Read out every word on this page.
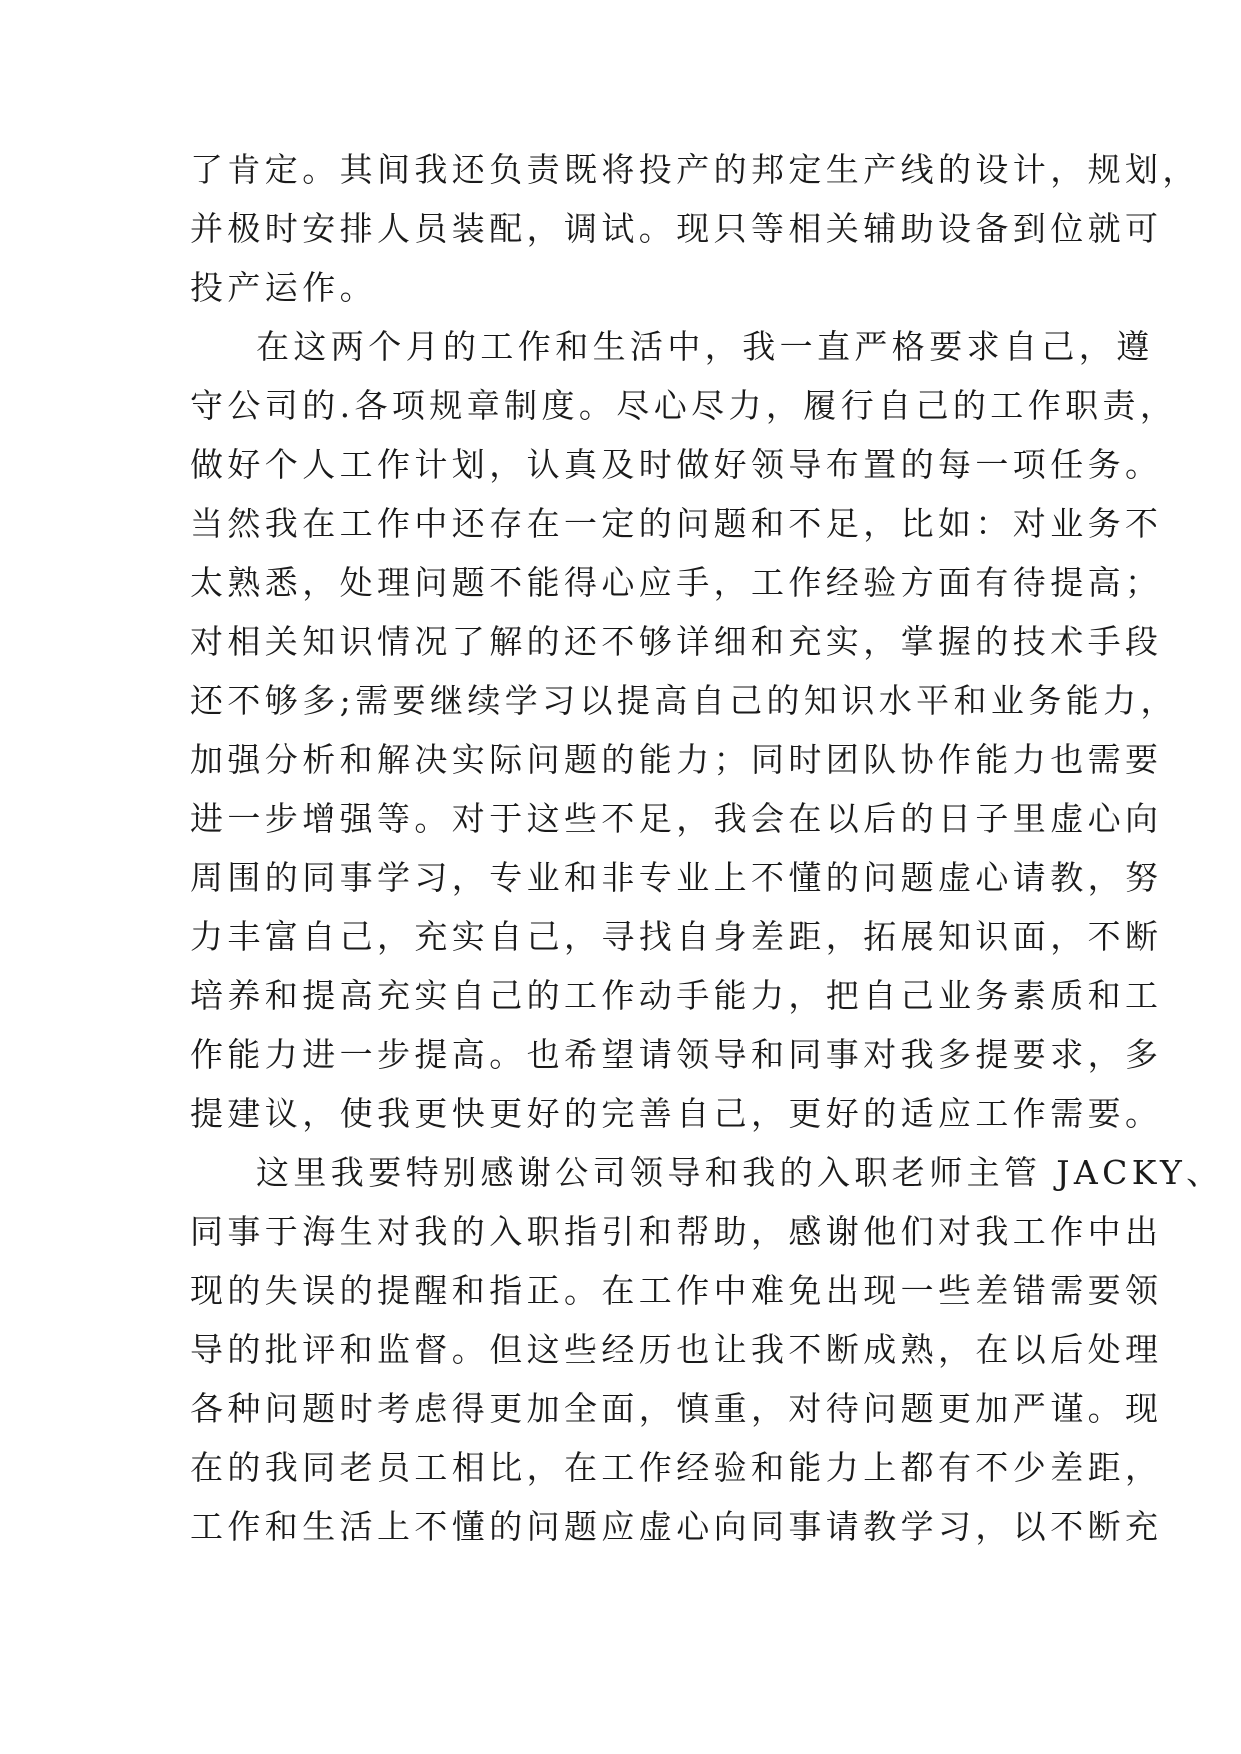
了肯定。其间我还负责既将投产的邦定生产线的设计，规划，
并极时安排人员装配，调试。现只等相关辅助设备到位就可
投产运作。
在这两个月的工作和生活中，我一直严格要求自己，遵
守公司的.各项规章制度。尽心尽力，履行自己的工作职责，
做好个人工作计划，认真及时做好领导布置的每一项任务。
当然我在工作中还存在一定的问题和不足，比如：对业务不
太熟悉，处理问题不能得心应手，工作经验方面有待提高；
对相关知识情况了解的还不够详细和充实，掌握的技术手段
还不够多;需要继续学习以提高自己的知识水平和业务能力，
加强分析和解决实际问题的能力；同时团队协作能力也需要
进一步增强等。对于这些不足，我会在以后的日子里虚心向
周围的同事学习，专业和非专业上不懂的问题虚心请教，努
力丰富自己，充实自己，寻找自身差距，拓展知识面，不断
培养和提高充实自己的工作动手能力，把自己业务素质和工
作能力进一步提高。也希望请领导和同事对我多提要求，多
提建议，使我更快更好的完善自己，更好的适应工作需要。
这里我要特别感谢公司领导和我的入职老师主管 JACKY、
同事于海生对我的入职指引和帮助，感谢他们对我工作中出
现的失误的提醒和指正。在工作中难免出现一些差错需要领
导的批评和监督。但这些经历也让我不断成熟，在以后处理
各种问题时考虑得更加全面，慎重，对待问题更加严谨。现
在的我同老员工相比，在工作经验和能力上都有不少差距，
工作和生活上不懂的问题应虚心向同事请教学习，以不断充
